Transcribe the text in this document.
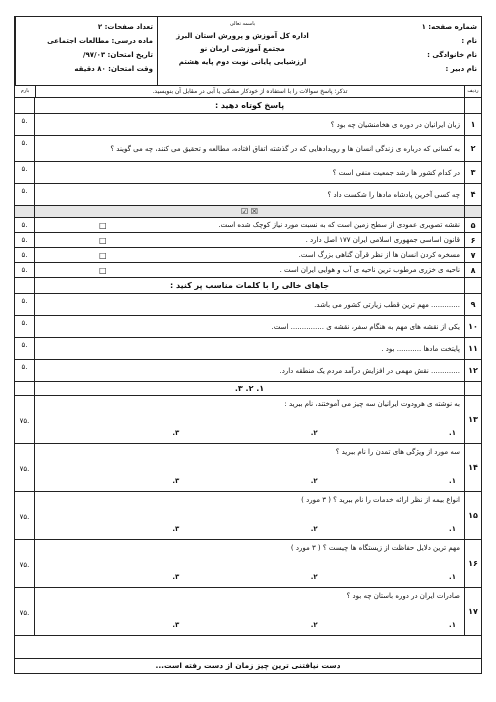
شماره صفحه: ۱
نام :
نام خانوادگی :
نام دبیر :
باسمه تعالی
اداره کل آموزش و پرورش استان البرز
مجتمع آموزشی ارمان نو
ارزشیابی پایانی نوبت دوم پایه هشتم
تعداد صفحات: ۲
ماده درسی: مطالعات اجتماعی
تاریخ امتحان: ۹۷/۰۳/
وقت امتحان: ۸۰ دقیقه
ردیف
تذکر: پاسخ سوالات را با استفاده از خودکار مشکی یا آبی در مقابل آن بنویسید.
بارم
پاسخ کوتاه دهید :
۱
زبان ایرانیان در دوره ی هخامنشیان چه بود ؟
.۵
۲
به کسانی که درباره ی زندگی انسان ها و رویدادهایی که در گذشته اتفاق افتاده، مطالعه و تحقیق می کنند، چه می گویند ؟
.۵
۳
در کدام کشور ها رشد جمعیت منفی است ؟
.۵
۴
چه کسی آخرین پادشاه مادها را شکست داد ؟
.۵
☒ ☑
۵
نقشه تصویری عمودی از سطح زمین است که به نسبت مورد نیاز کوچک شده است.
□
.۵
۶
قانون اساسی جمهوری اسلامی ایران ۱۷۷ اصل دارد .
□
.۵
۷
مسخره کردن انسان ها از نظر قرآن گناهی بزرگ است.
□
.۵
۸
ناحیه ی خزری مرطوب ترین ناحیه ی آب و هوایی ایران است .
□
.۵
جاهای خالی را با کلمات مناسب پر کنید :
۹
............. مهم ترین قطب زیارتی کشور می باشد.
.۵
۱۰
یکی از نقشه های مهم به هنگام سفر، نقشه ی ............... است.
.۵
۱۱
پایتخت مادها ........... بود .
.۵
۱۲
............. نقش مهمی در افزایش درآمد مردم یک منطقه دارد.
.۵
۱. ۲. ۳.
۱۳
به نوشته ی هرودوت ایرانیان سه چیز می آموختند، نام ببرید :
۱.
۲.
۳.
.۷۵
۱۴
سه مورد از ویژگی های تمدن را نام ببرید ؟
۱.
۲.
۳.
.۷۵
۱۵
انواع بیمه از نظر ارائه خدمات را نام ببرید ؟ ( ۳ مورد )
۱.
۲.
۳.
.۷۵
۱۶
مهم ترین دلایل حفاظت از زیستگاه ها چیست ؟ ( ۳ مورد )
۱.
۲.
۳.
.۷۵
۱۷
صادرات ایران در دوره باستان چه بود ؟
۱.
۲.
۳.
.۷۵
دست نیافتنی ترین چیز زمان از دست رفته است...
